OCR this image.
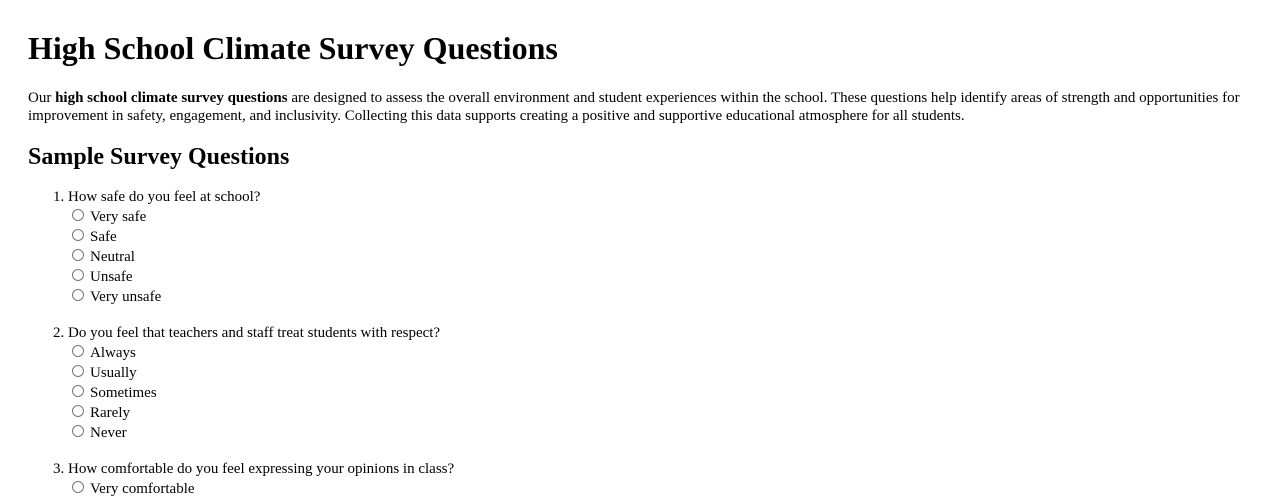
High School Climate Survey Questions

Our high school climate survey questions are designed to assess the overall environment and student experiences within the school. These questions help identify areas of strength and opportunities for improvement in safety, engagement, and inclusivity. Collecting this data supports creating a positive and supportive educational atmosphere for all students.

Sample Survey Questions
1. How safe do you feel at school?
Very safe
Safe
Neutral
Unsafe
Very unsafe
2. Do you feel that teachers and staff treat students with respect?
Always
Usually
Sometimes
Rarely
Never
3. How comfortable do you feel expressing your opinions in class?
Very comfortable
